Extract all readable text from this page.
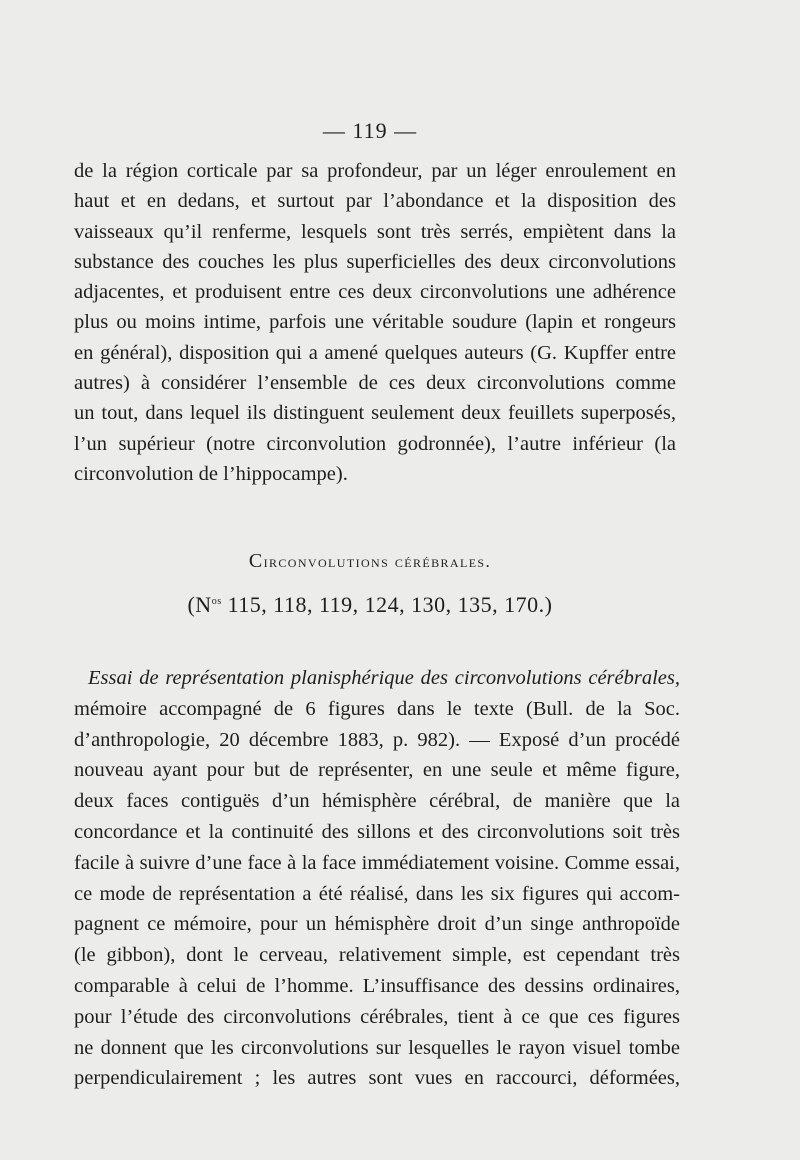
— 119 —
de la région corticale par sa profondeur, par un léger enroulement en
haut et en dedans, et surtout par l’abondance et la disposition des
vaisseaux qu’il renferme, lesquels sont très serrés, empiètent dans la
substance des couches les plus superficielles des deux circonvolutions
adjacentes, et produisent entre ces deux circonvolutions une adhérence
plus ou moins intime, parfois une véritable soudure (lapin et rongeurs
en général), disposition qui a amené quelques auteurs (G. Kupffer entre
autres) à considérer l’ensemble de ces deux circonvolutions comme
un tout, dans lequel ils distinguent seulement deux feuillets superposés,
l’un supérieur (notre circonvolution godronnée), l’autre inférieur (la
circonvolution de l’hippocampe).
Circonvolutions cérébrales.
($N^{os}$ 115, 118, 119, 124, 130, 135, 170.)
Essai de représentation planisphérique des circonvolutions cérébrales,
mémoire accompagné de 6 figures dans le texte (Bull. de la Soc.
d’anthropologie, 20 décembre 1883, p. 982). — Exposé d’un procédé
nouveau ayant pour but de représenter, en une seule et même figure,
deux faces contiguës d’un hémisphère cérébral, de manière que la
concordance et la continuité des sillons et des circonvolutions soit très
facile à suivre d’une face à la face immédiatement voisine. Comme essai,
ce mode de représentation a été réalisé, dans les six figures qui accom-
pagnent ce mémoire, pour un hémisphère droit d’un singe anthropoïde
(le gibbon), dont le cerveau, relativement simple, est cependant très
comparable à celui de l’homme. L’insuffisance des dessins ordinaires,
pour l’étude des circonvolutions cérébrales, tient à ce que ces figures
ne donnent que les circonvolutions sur lesquelles le rayon visuel tombe
perpendiculairement ; les autres sont vues en raccourci, déformées,
